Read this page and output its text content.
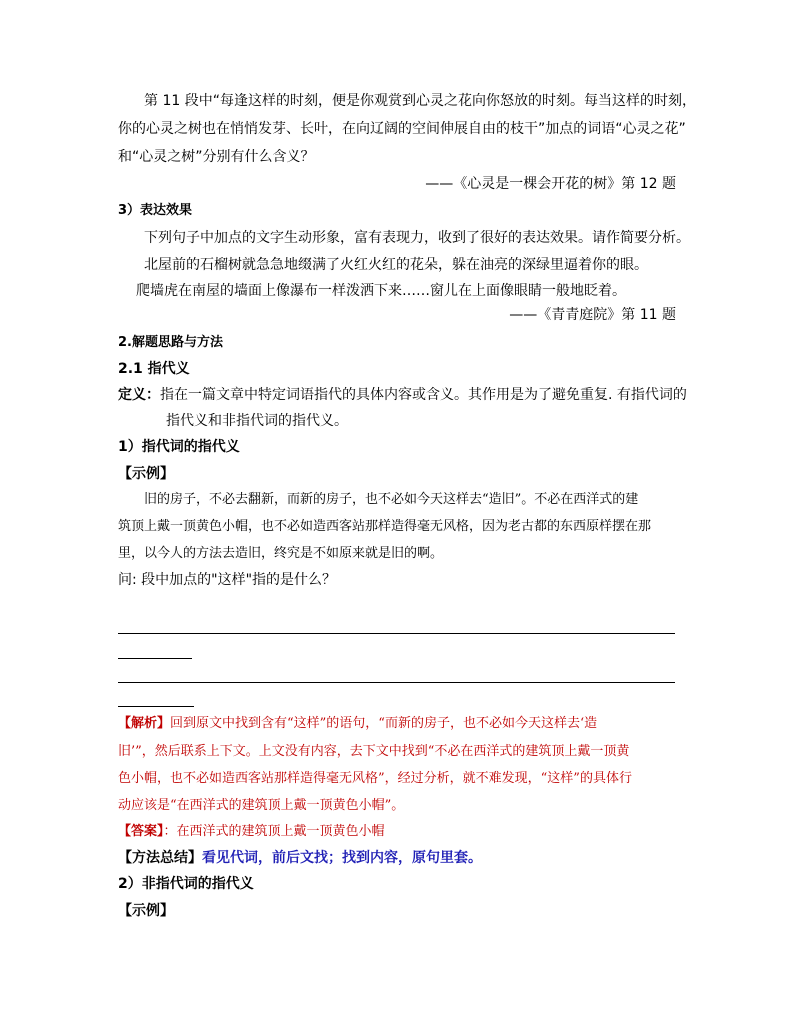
第 11 段中“每逢这样的时刻，便是你观赏到心灵之花向你怒放的时刻。每当这样的时刻，
你的心灵之树也在悄悄发芽、长叶，在向辽阔的空间伸展自由的枝干”加点的词语“心灵之花”
和“心灵之树”分别有什么含义？
——《心灵是一棵会开花的树》第 12 题
3）表达效果
下列句子中加点的文字生动形象，富有表现力，收到了很好的表达效果。请作简要分析。
北屋前的石榴树就急急地缀满了火红火红的花朵，躲在油亮的深绿里逼着你的眼。
爬墙虎在南屋的墙面上像瀑布一样泼洒下来……窗儿在上面像眼睛一般地眨着。
——《青青庭院》第 11 题
2.解题思路与方法
2.1 指代义
定义：指在一篇文章中特定词语指代的具体内容或含义。其作用是为了避免重复. 有指代词的
指代义和非指代词的指代义。
1）指代词的指代义
【示例】
旧的房子，不必去翻新，而新的房子，也不必如今天这样去“造旧”。不必在西洋式的建
筑顶上戴一顶黄色小帽，也不必如造西客站那样造得毫无风格，因为老古都的东西原样摆在那
里，以今人的方法去造旧，终究是不如原来就是旧的啊。
问: 段中加点的"这样"指的是什么？
【解析】回到原文中找到含有“这样”的语句，“而新的房子，也不必如今天这样去‘造
旧’”，然后联系上下文。上文没有内容，去下文中找到“不必在西洋式的建筑顶上戴一顶黄
色小帽，也不必如造西客站那样造得毫无风格”，经过分析，就不难发现，“这样”的具体行
动应该是“在西洋式的建筑顶上戴一顶黄色小帽”。
【答案】：在西洋式的建筑顶上戴一顶黄色小帽
【方法总结】看见代词，前后文找；找到内容，原句里套。
2）非指代词的指代义
【示例】
